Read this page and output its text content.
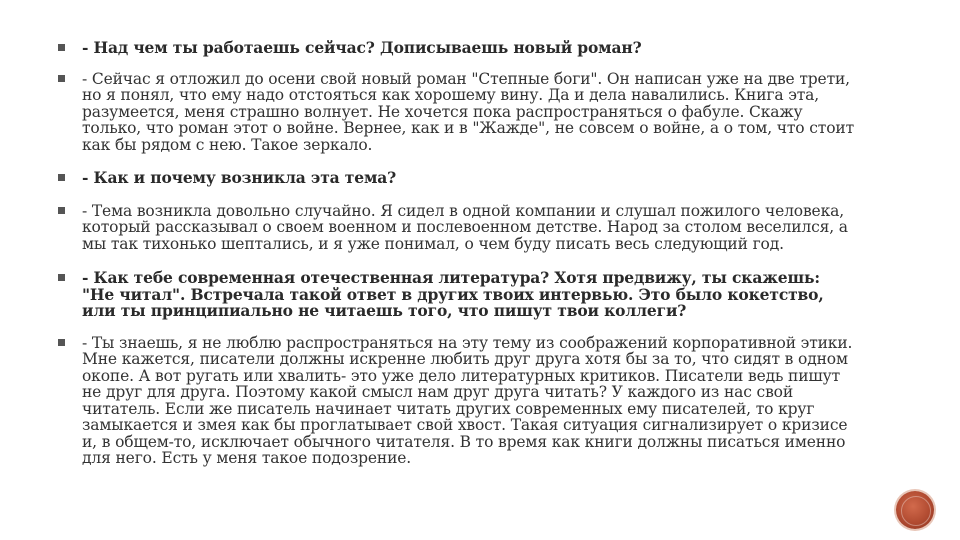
- Над чем ты работаешь сейчас? Дописываешь новый роман?
- Сейчас я отложил до осени свой новый роман "Степные боги". Он написан уже на две трети, но я понял, что ему надо отстояться как хорошему вину. Да и дела навалились. Книга эта, разумеется, меня страшно волнует. Не хочется пока распространяться о фабуле. Скажу только, что роман этот о войне. Вернее, как и в "Жажде", не совсем о войне, а о том, что стоит как бы рядом с нею. Такое зеркало.
- Как и почему возникла эта тема?
- Тема возникла довольно случайно. Я сидел в одной компании и слушал пожилого человека, который рассказывал о своем военном и послевоенном детстве. Народ за столом веселился, а мы так тихонько шептались, и я уже понимал, о чем буду писать весь следующий год.
- Как тебе современная отечественная литература? Хотя предвижу, ты скажешь: "Не читал". Встречала такой ответ в других твоих интервью. Это было кокетство, или ты принципиально не читаешь того, что пишут твои коллеги?
- Ты знаешь, я не люблю распространяться на эту тему из соображений корпоративной этики. Мне кажется, писатели должны искренне любить друг друга хотя бы за то, что сидят в одном окопе. А вот ругать или хвалить- это уже дело литературных критиков. Писатели ведь пишут не друг для друга. Поэтому какой смысл нам друг друга читать? У каждого из нас свой читатель. Если же писатель начинает читать других современных ему писателей, то круг замыкается и змея как бы проглатывает свой хвост. Такая ситуация сигнализирует о кризисе и, в общем-то, исключает обычного читателя. В то время как книги должны писаться именно для него. Есть у меня такое подозрение.
